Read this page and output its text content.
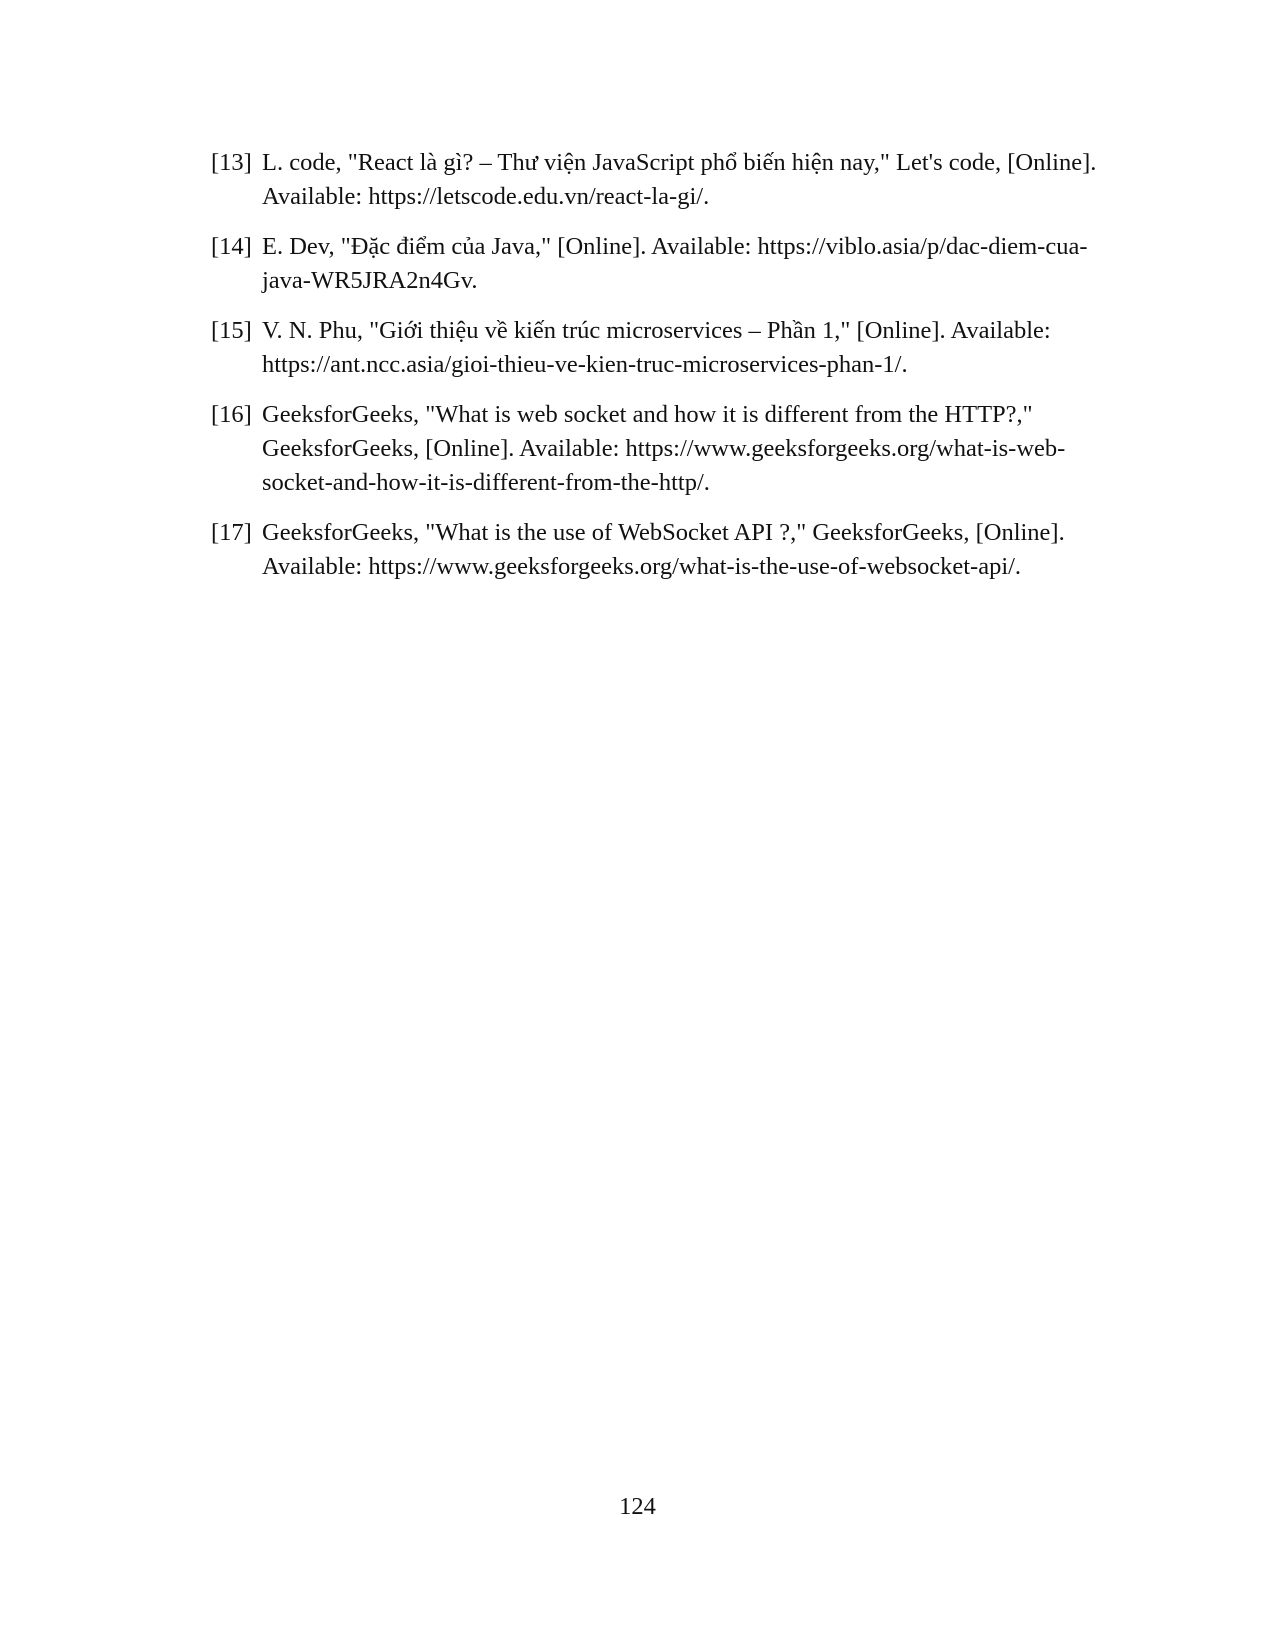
[13] L. code, "React là gì? – Thư viện JavaScript phổ biến hiện nay," Let's code, [Online]. Available: https://letscode.edu.vn/react-la-gi/.
[14] E. Dev, "Đặc điểm của Java," [Online]. Available: https://viblo.asia/p/dac-diem-cua-java-WR5JRA2n4Gv.
[15] V. N. Phu, "Giới thiệu về kiến trúc microservices – Phần 1," [Online]. Available: https://ant.ncc.asia/gioi-thieu-ve-kien-truc-microservices-phan-1/.
[16] GeeksforGeeks, "What is web socket and how it is different from the HTTP?," GeeksforGeeks, [Online]. Available: https://www.geeksforgeeks.org/what-is-web-socket-and-how-it-is-different-from-the-http/.
[17] GeeksforGeeks, "What is the use of WebSocket API ?," GeeksforGeeks, [Online]. Available: https://www.geeksforgeeks.org/what-is-the-use-of-websocket-api/.
124
